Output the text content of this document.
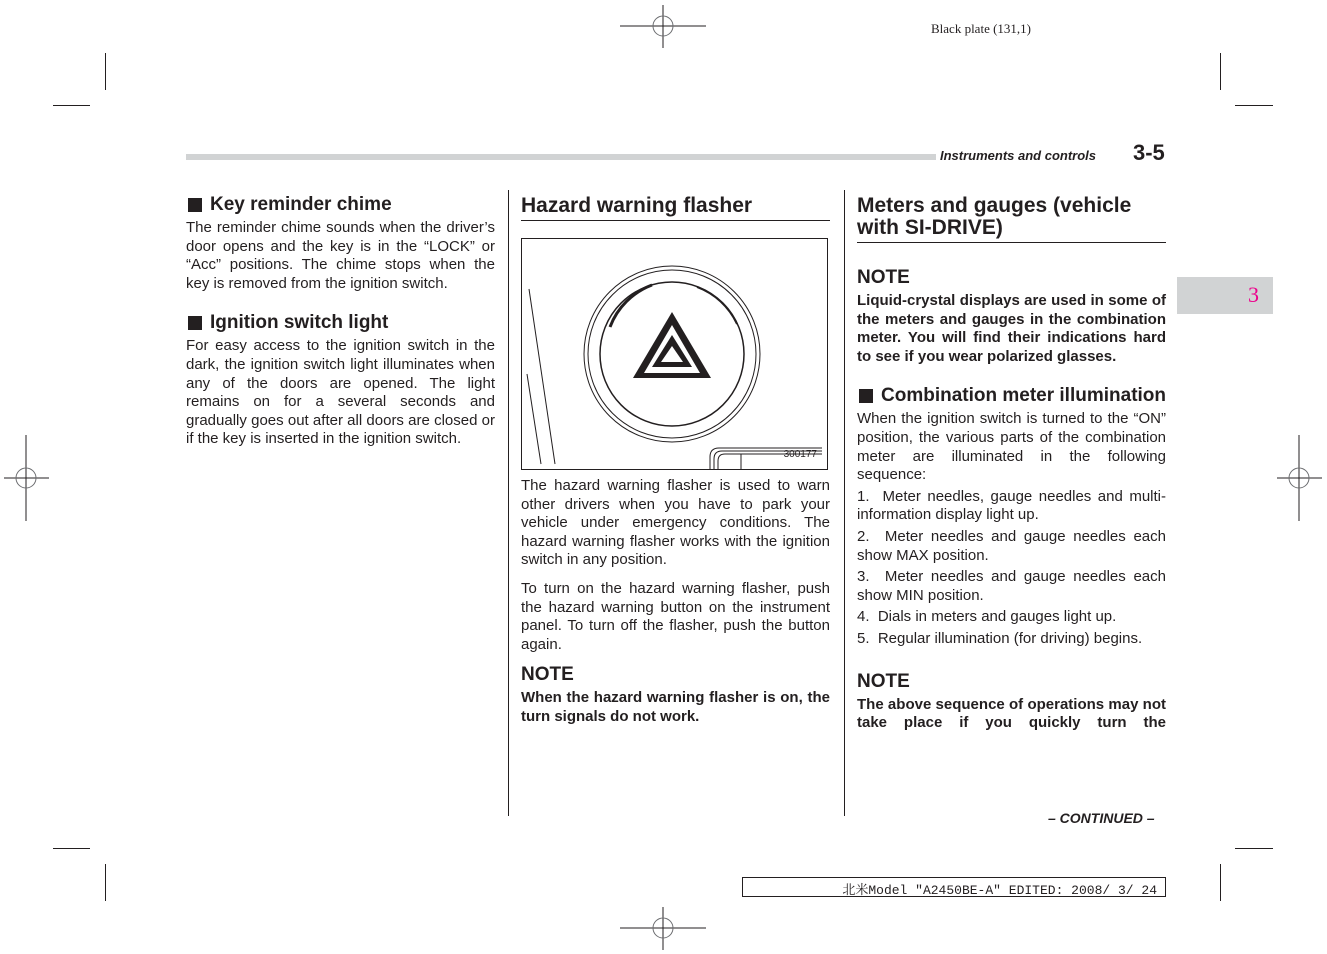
Black plate (131,1)
Instruments and controls 3-5
3
Key reminder chime

The reminder chime sounds when the driver’s door opens and the key is in the “LOCK” or “Acc” positions. The chime stops when the key is removed from the ignition switch.

Ignition switch light

For easy access to the ignition switch in the dark, the ignition switch light illuminates when any of the doors are opened. The light remains on for a several seconds and gradually goes out after all doors are closed or if the key is inserted in the ignition switch.

Hazard warning flasher
300177

The hazard warning flasher is used to warn other drivers when you have to park your vehicle under emergency conditions. The hazard warning flasher works with the ignition switch in any position.

To turn on the hazard warning flasher, push the hazard warning button on the instrument panel. To turn off the flasher, push the button again.

NOTE

When the hazard warning flasher is on, the turn signals do not work.

Meters and gauges (vehicle with SI-DRIVE)
NOTE

Liquid-crystal displays are used in some of the meters and gauges in the combination meter. You will find their indications hard to see if you wear polarized glasses.

Combination meter illumination

When the ignition switch is turned to the “ON” position, the various parts of the combination meter are illuminated in the following sequence:

1.  Meter needles, gauge needles and multi-information display light up.

2.  Meter needles and gauge needles each show MAX position.

3.  Meter needles and gauge needles each show MIN position.

4.  Dials in meters and gauges light up.

5.  Regular illumination (for driving) begins.

NOTE

The above sequence of operations may not take place if you quickly turn the

– CONTINUED –
北米Model "A2450BE-A" EDITED: 2008/ 3/ 24
